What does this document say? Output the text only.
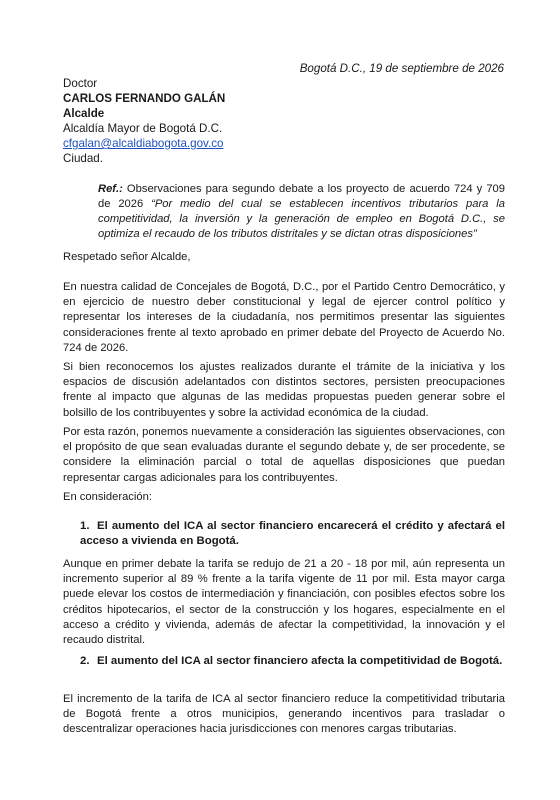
Bogotá D.C., 19 de septiembre de 2026
Doctor
CARLOS FERNANDO GALÁN
Alcalde
Alcaldía Mayor de Bogotá D.C.
cfgalan@alcaldiabogota.gov.co
Ciudad.
Ref.: Observaciones para segundo debate a los proyecto de acuerdo 724 y 709 de 2026 “Por medio del cual se establecen incentivos tributarios para la competitividad, la inversión y la generación de empleo en Bogotá D.C., se optimiza el recaudo de los tributos distritales y se dictan otras disposiciones”
Respetado señor Alcalde,
En nuestra calidad de Concejales de Bogotá, D.C., por el Partido Centro Democrático, y en ejercicio de nuestro deber constitucional y legal de ejercer control político y representar los intereses de la ciudadanía, nos permitimos presentar las siguientes consideraciones frente al texto aprobado en primer debate del Proyecto de Acuerdo No. 724 de 2026.
Si bien reconocemos los ajustes realizados durante el trámite de la iniciativa y los espacios de discusión adelantados con distintos sectores, persisten preocupaciones frente al impacto que algunas de las medidas propuestas pueden generar sobre el bolsillo de los contribuyentes y sobre la actividad económica de la ciudad.
Por esta razón, ponemos nuevamente a consideración las siguientes observaciones, con el propósito de que sean evaluadas durante el segundo debate y, de ser procedente, se considere la eliminación parcial o total de aquellas disposiciones que puedan representar cargas adicionales para los contribuyentes.
En consideración:
1. El aumento del ICA al sector financiero encarecerá el crédito y afectará el acceso a vivienda en Bogotá.
Aunque en primer debate la tarifa se redujo de 21 a 20 - 18 por mil, aún representa un incremento superior al 89 % frente a la tarifa vigente de 11 por mil. Esta mayor carga puede elevar los costos de intermediación y financiación, con posibles efectos sobre los créditos hipotecarios, el sector de la construcción y los hogares, especialmente en el acceso a crédito y vivienda, además de afectar la competitividad, la innovación y el recaudo distrital.
2. El aumento del ICA al sector financiero afecta la competitividad de Bogotá.
El incremento de la tarifa de ICA al sector financiero reduce la competitividad tributaria de Bogotá frente a otros municipios, generando incentivos para trasladar o descentralizar operaciones hacia jurisdicciones con menores cargas tributarias.
